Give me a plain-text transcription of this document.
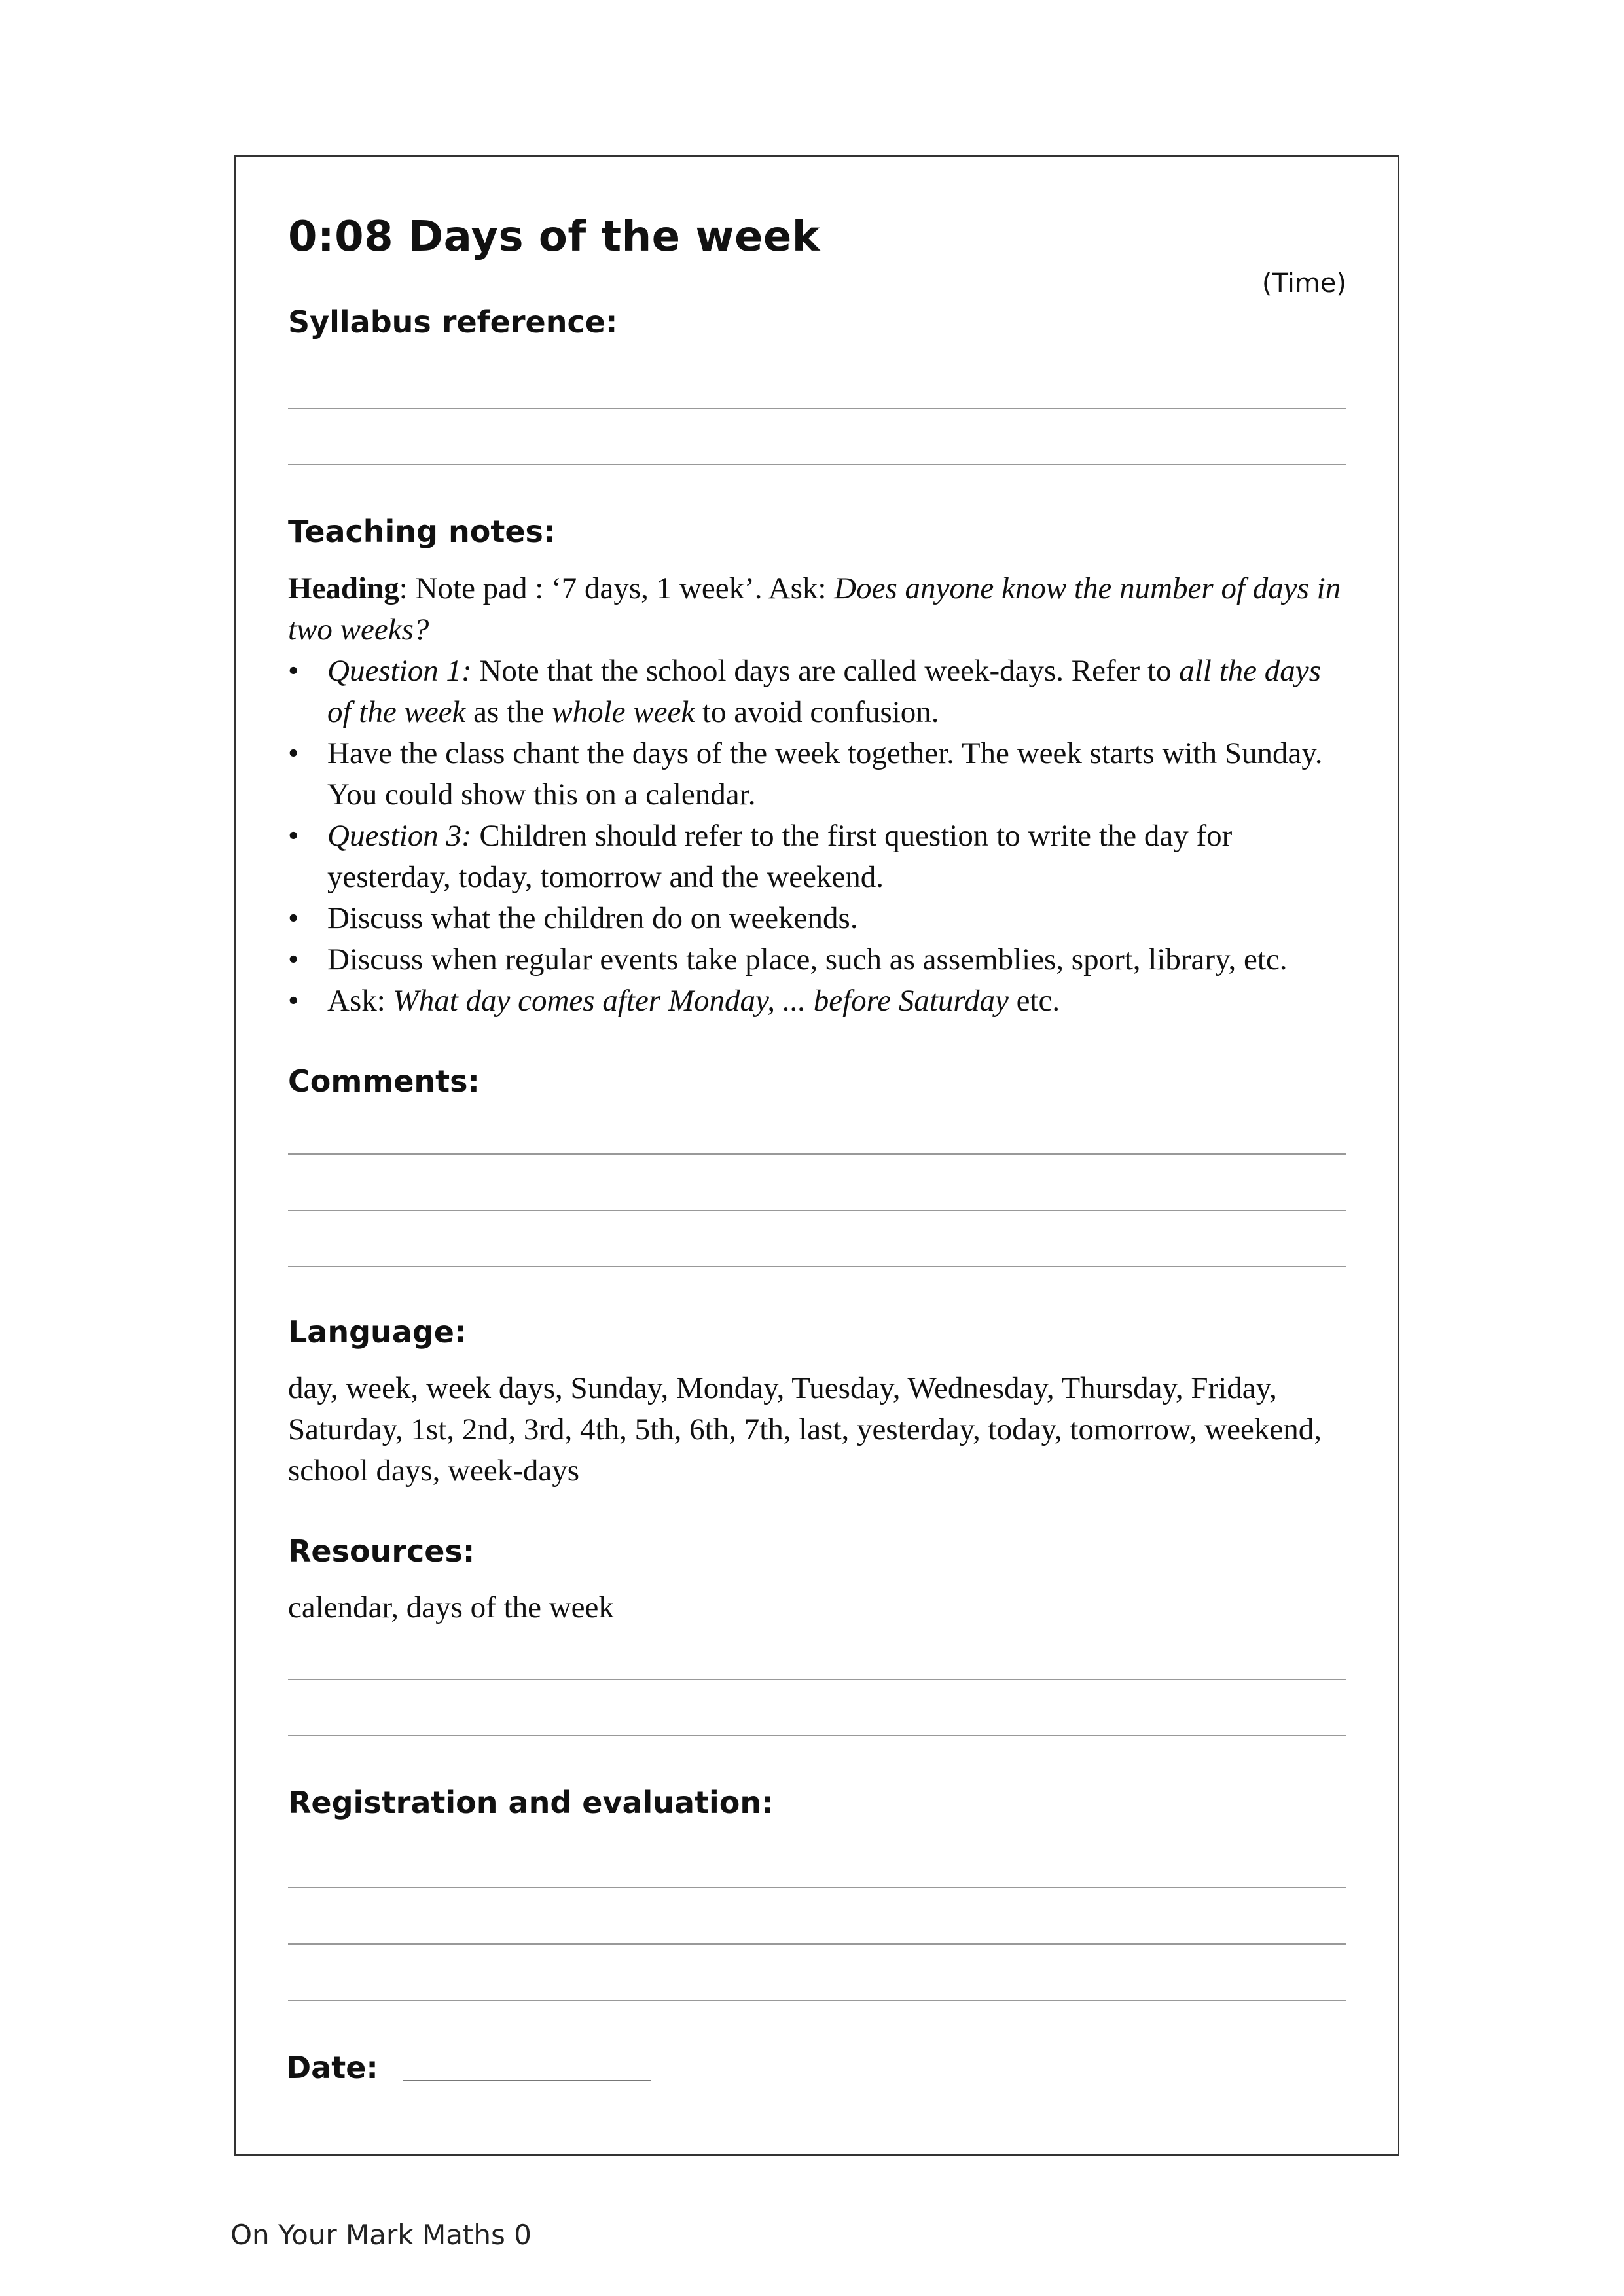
0:08 Days of the week
(Time)
Syllabus reference:
Teaching notes:
Heading: Note pad : ‘7 days, 1 week’. Ask: Does anyone know the number of days in two weeks?
• Question 1: Note that the school days are called week-days. Refer to all the days of the week as the whole week to avoid confusion.
• Have the class chant the days of the week together. The week starts with Sunday. You could show this on a calendar.
• Question 3: Children should refer to the first question to write the day for yesterday, today, tomorrow and the weekend.
• Discuss what the children do on weekends.
• Discuss when regular events take place, such as assemblies, sport, library, etc.
• Ask: What day comes after Monday, ... before Saturday etc.
Comments:
Language:
day, week, week days, Sunday, Monday, Tuesday, Wednesday, Thursday, Friday, Saturday, 1st, 2nd, 3rd, 4th, 5th, 6th, 7th, last, yesterday, today, tomorrow, weekend, school days, week-days
Resources:
calendar, days of the week
Registration and evaluation:
Date:
On Your Mark Maths 0
